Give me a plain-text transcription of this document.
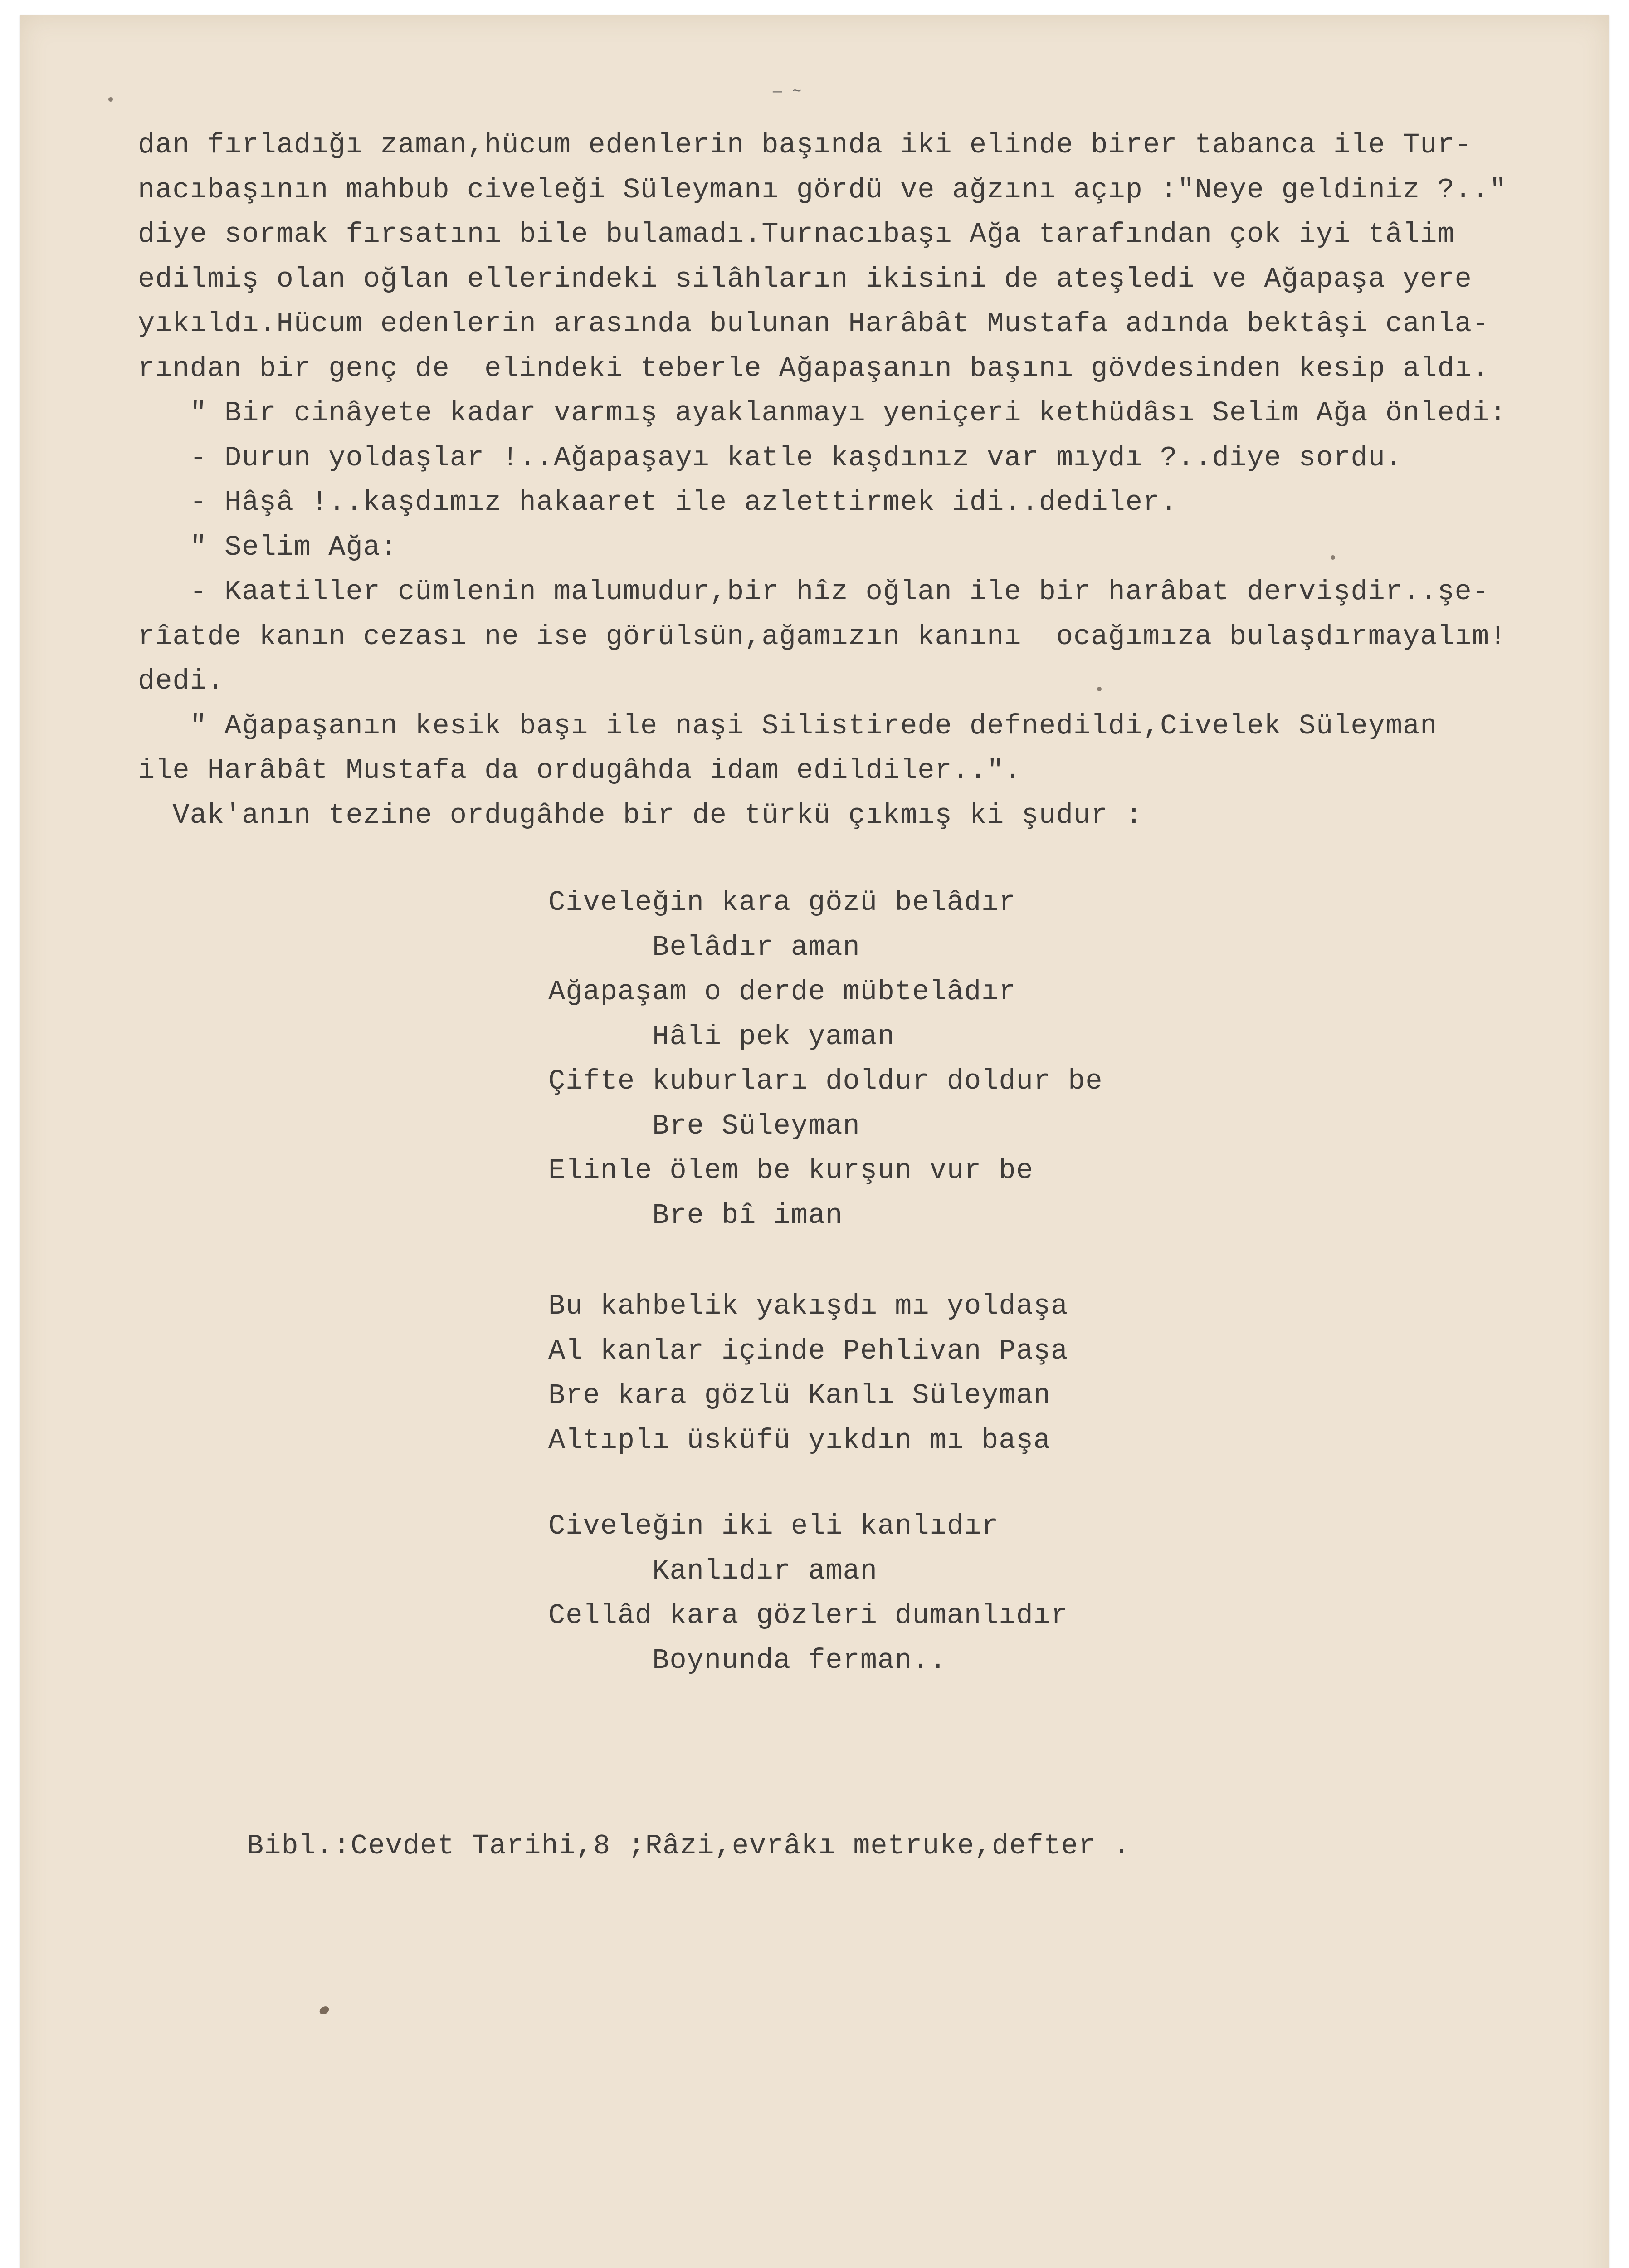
— ~
dan fırladığı zaman,hücum edenlerin başında iki elinde birer tabanca ile Tur-
nacıbaşının mahbub civeleği Süleymanı gördü ve ağzını açıp :"Neye geldiniz ?.."
diye sormak fırsatını bile bulamadı.Turnacıbaşı Ağa tarafından çok iyi tâlim
edilmiş olan oğlan ellerindeki silâhların ikisini de ateşledi ve Ağapaşa yere
yıkıldı.Hücum edenlerin arasında bulunan Harâbât Mustafa adında bektâşi canla-
rından bir genç de  elindeki teberle Ağapaşanın başını gövdesinden kesip aldı.
" Bir cinâyete kadar varmış ayaklanmayı yeniçeri kethüdâsı Selim Ağa önledi:
- Durun yoldaşlar !..Ağapaşayı katle kaşdınız var mıydı ?..diye sordu.
- Hâşâ !..kaşdımız hakaaret ile azlettirmek idi..dediler.
" Selim Ağa:
- Kaatiller cümlenin malumudur,bir hîz oğlan ile bir harâbat dervişdir..şe-
rîatde kanın cezası ne ise görülsün,ağamızın kanını  ocağımıza bulaşdırmayalım!
dedi.
" Ağapaşanın kesik başı ile naşi Silistirede defnedildi,Civelek Süleyman
ile Harâbât Mustafa da ordugâhda idam edildiler..".
Vak'anın tezine ordugâhde bir de türkü çıkmış ki şudur :
Civeleğin kara gözü belâdır
Belâdır aman
Ağapaşam o derde mübtelâdır
Hâli pek yaman
Çifte kuburları doldur doldur be
Bre Süleyman
Elinle ölem be kurşun vur be
Bre bî iman
Bu kahbelik yakışdı mı yoldaşa
Al kanlar içinde Pehlivan Paşa
Bre kara gözlü Kanlı Süleyman
Altıplı üsküfü yıkdın mı başa
Civeleğin iki eli kanlıdır
Kanlıdır aman
Cellâd kara gözleri dumanlıdır
Boynunda ferman..
Bibl.:Cevdet Tarihi,8 ;Râzi,evrâkı metruke,defter .
